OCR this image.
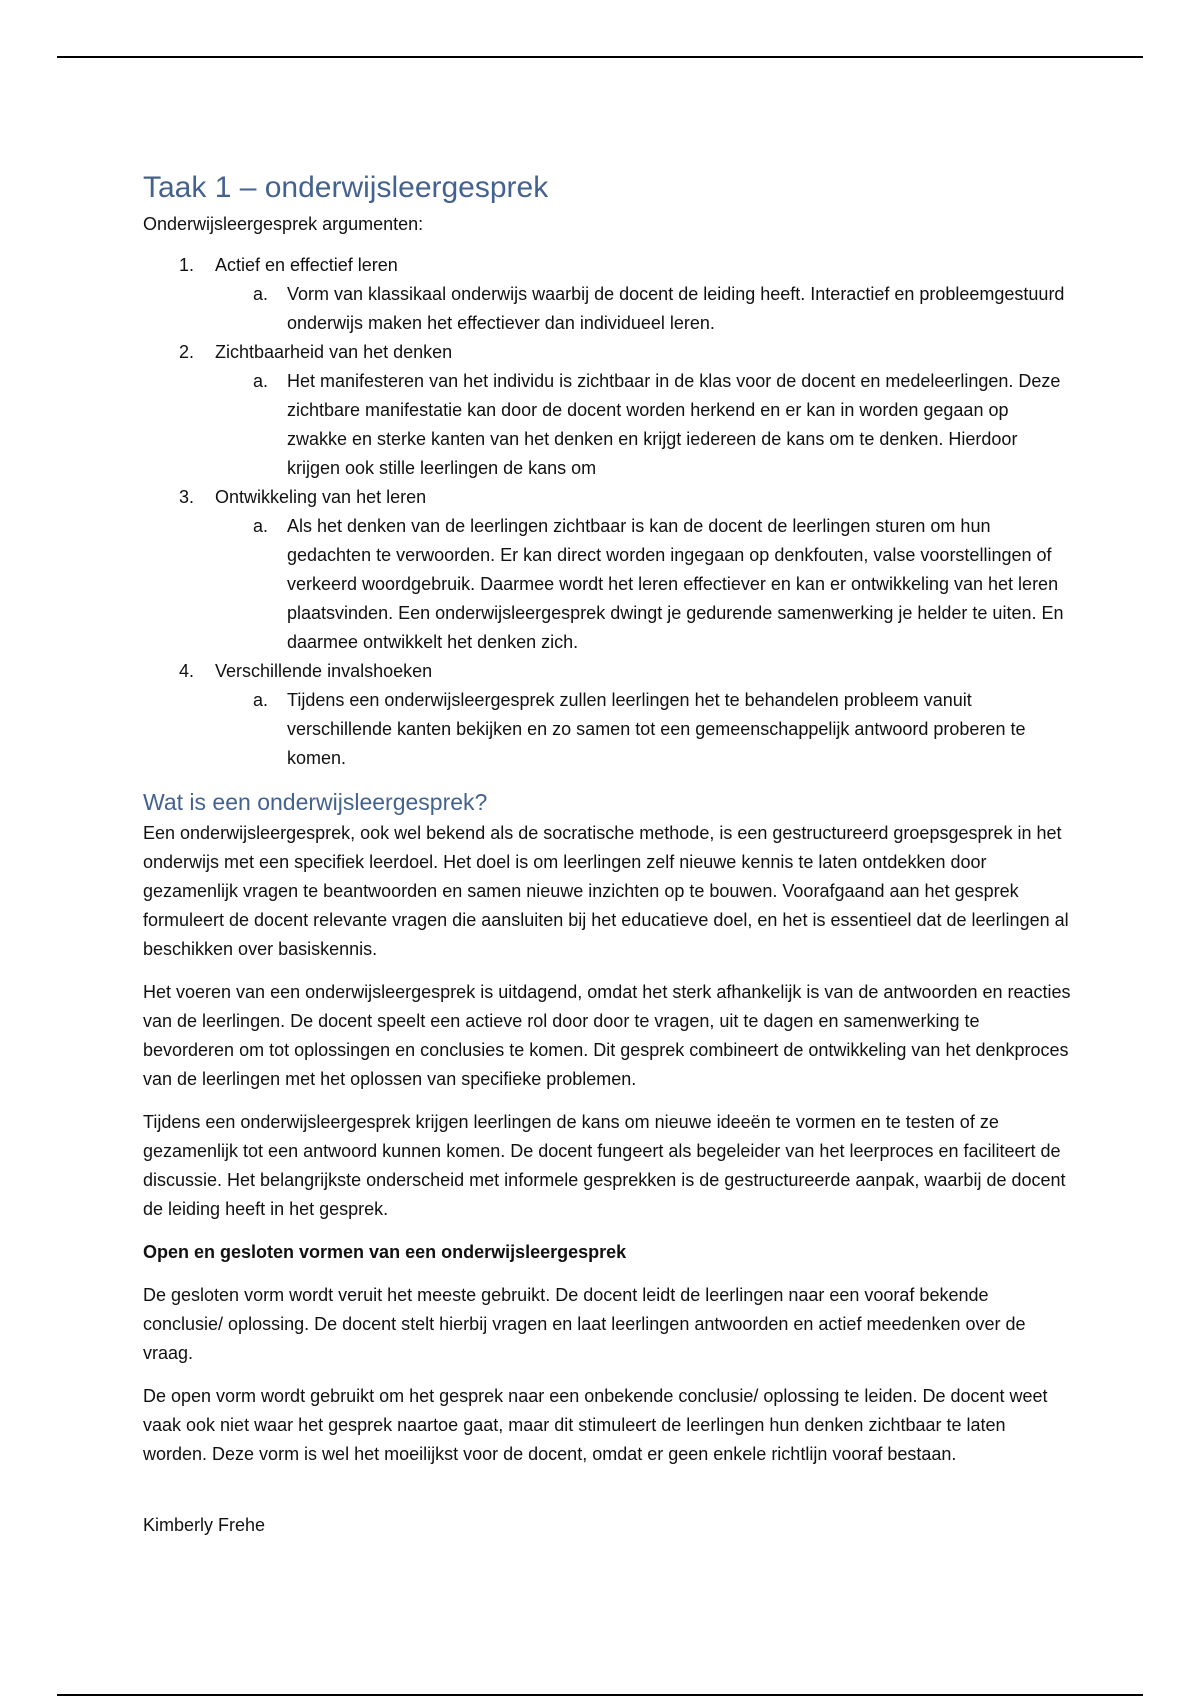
Taak 1 – onderwijsleergesprek

Onderwijsleergesprek argumenten:

1. Actief en effectief leren
a. Vorm van klassikaal onderwijs waarbij de docent de leiding heeft. Interactief en probleemgestuurd onderwijs maken het effectiever dan individueel leren.
2. Zichtbaarheid van het denken
a. Het manifesteren van het individu is zichtbaar in de klas voor de docent en medeleerlingen. Deze zichtbare manifestatie kan door de docent worden herkend en er kan in worden gegaan op zwakke en sterke kanten van het denken en krijgt iedereen de kans om te denken. Hierdoor krijgen ook stille leerlingen de kans om
3. Ontwikkeling van het leren
a. Als het denken van de leerlingen zichtbaar is kan de docent de leerlingen sturen om hun gedachten te verwoorden. Er kan direct worden ingegaan op denkfouten, valse voorstellingen of verkeerd woordgebruik. Daarmee wordt het leren effectiever en kan er ontwikkeling van het leren plaatsvinden. Een onderwijsleergesprek dwingt je gedurende samenwerking je helder te uiten. En daarmee ontwikkelt het denken zich.
4. Verschillende invalshoeken
a. Tijdens een onderwijsleergesprek zullen leerlingen het te behandelen probleem vanuit verschillende kanten bekijken en zo samen tot een gemeenschappelijk antwoord proberen te komen.
Wat is een onderwijsleergesprek?

Een onderwijsleergesprek, ook wel bekend als de socratische methode, is een gestructureerd groepsgesprek in het onderwijs met een specifiek leerdoel. Het doel is om leerlingen zelf nieuwe kennis te laten ontdekken door gezamenlijk vragen te beantwoorden en samen nieuwe inzichten op te bouwen. Voorafgaand aan het gesprek formuleert de docent relevante vragen die aansluiten bij het educatieve doel, en het is essentieel dat de leerlingen al beschikken over basiskennis.

Het voeren van een onderwijsleergesprek is uitdagend, omdat het sterk afhankelijk is van de antwoorden en reacties van de leerlingen. De docent speelt een actieve rol door door te vragen, uit te dagen en samenwerking te bevorderen om tot oplossingen en conclusies te komen. Dit gesprek combineert de ontwikkeling van het denkproces van de leerlingen met het oplossen van specifieke problemen.

Tijdens een onderwijsleergesprek krijgen leerlingen de kans om nieuwe ideeën te vormen en te testen of ze gezamenlijk tot een antwoord kunnen komen. De docent fungeert als begeleider van het leerproces en faciliteert de discussie. Het belangrijkste onderscheid met informele gesprekken is de gestructureerde aanpak, waarbij de docent de leiding heeft in het gesprek.

Open en gesloten vormen van een onderwijsleergesprek

De gesloten vorm wordt veruit het meeste gebruikt. De docent leidt de leerlingen naar een vooraf bekende conclusie/ oplossing. De docent stelt hierbij vragen en laat leerlingen antwoorden en actief meedenken over de vraag.

De open vorm wordt gebruikt om het gesprek naar een onbekende conclusie/ oplossing te leiden. De docent weet vaak ook niet waar het gesprek naartoe gaat, maar dit stimuleert de leerlingen hun denken zichtbaar te laten worden. Deze vorm is wel het moeilijkst voor de docent, omdat er geen enkele richtlijn vooraf bestaan.

Kimberly Frehe
